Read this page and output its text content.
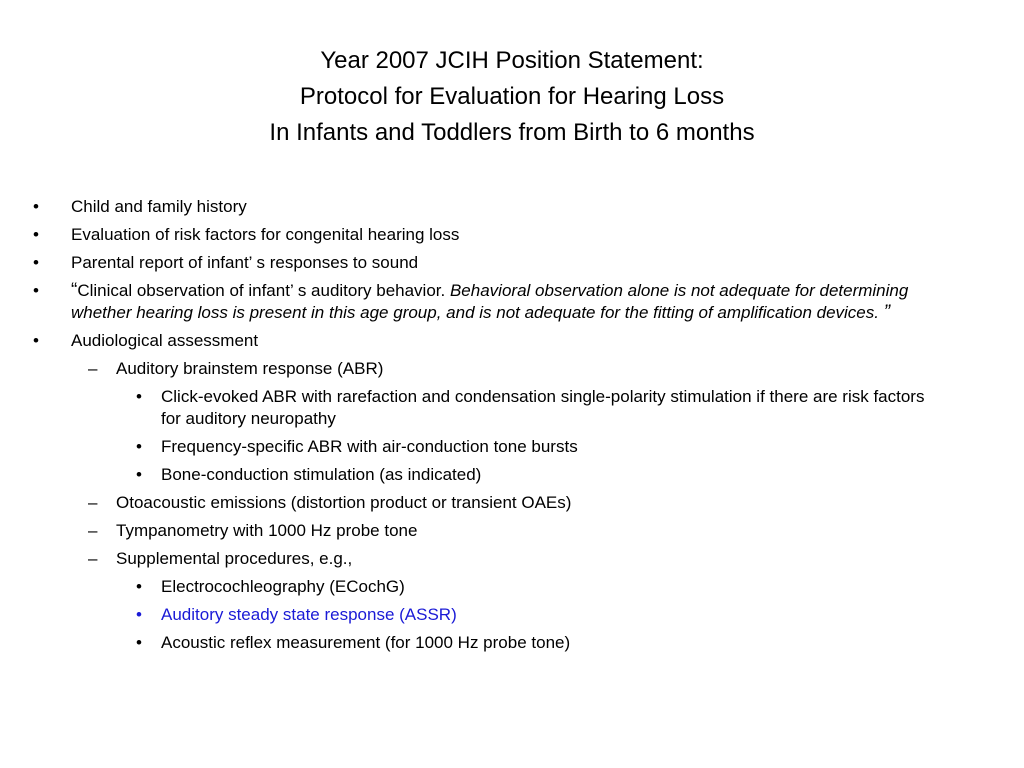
Year 2007 JCIH Position Statement:
Protocol for Evaluation for Hearing Loss
In Infants and Toddlers from Birth to 6 months
• Child and family history
• Evaluation of risk factors for congenital hearing loss
• Parental report of infant’ s responses to sound
• “Clinical observation of infant’ s auditory behavior. Behavioral observation alone is not adequate for determining whether hearing loss is present in this age group, and is not adequate for the fitting of amplification devices. ”
• Audiological assessment
– Auditory brainstem response (ABR)
• Click-evoked ABR with rarefaction and condensation single-polarity stimulation if there are risk factors for auditory neuropathy
• Frequency-specific ABR with air-conduction tone bursts
• Bone-conduction stimulation (as indicated)
– Otoacoustic emissions (distortion product or transient OAEs)
– Tympanometry with 1000 Hz probe tone
– Supplemental procedures, e.g.,
• Electrocochleography (ECochG)
• Auditory steady state response (ASSR)
• Acoustic reflex measurement (for 1000 Hz probe tone)
